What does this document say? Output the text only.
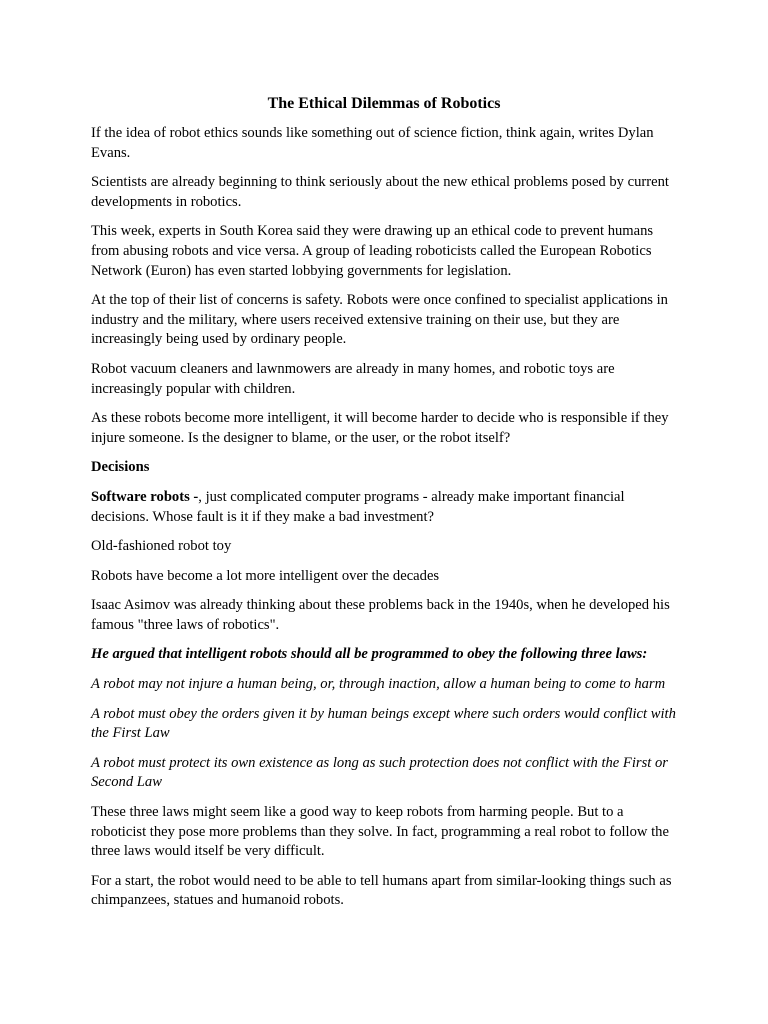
The Ethical Dilemmas of Robotics

If the idea of robot ethics sounds like something out of science fiction, think again, writes Dylan Evans.

Scientists are already beginning to think seriously about the new ethical problems posed by current developments in robotics.

This week, experts in South Korea said they were drawing up an ethical code to prevent humans from abusing robots and vice versa. A group of leading roboticists called the European Robotics Network (Euron) has even started lobbying governments for legislation.

At the top of their list of concerns is safety. Robots were once confined to specialist applications in industry and the military, where users received extensive training on their use, but they are increasingly being used by ordinary people.

Robot vacuum cleaners and lawnmowers are already in many homes, and robotic toys are increasingly popular with children.

As these robots become more intelligent, it will become harder to decide who is responsible if they injure someone. Is the designer to blame, or the user, or the robot itself?

Decisions

Software robots -, just complicated computer programs - already make important financial decisions. Whose fault is it if they make a bad investment?

Old-fashioned robot toy

Robots have become a lot more intelligent over the decades

Isaac Asimov was already thinking about these problems back in the 1940s, when he developed his famous "three laws of robotics".

He argued that intelligent robots should all be programmed to obey the following three laws:

A robot may not injure a human being, or, through inaction, allow a human being to come to harm

A robot must obey the orders given it by human beings except where such orders would conflict with the First Law

A robot must protect its own existence as long as such protection does not conflict with the First or Second Law

These three laws might seem like a good way to keep robots from harming people. But to a roboticist they pose more problems than they solve. In fact, programming a real robot to follow the three laws would itself be very difficult.

For a start, the robot would need to be able to tell humans apart from similar-looking things such as chimpanzees, statues and humanoid robots.
